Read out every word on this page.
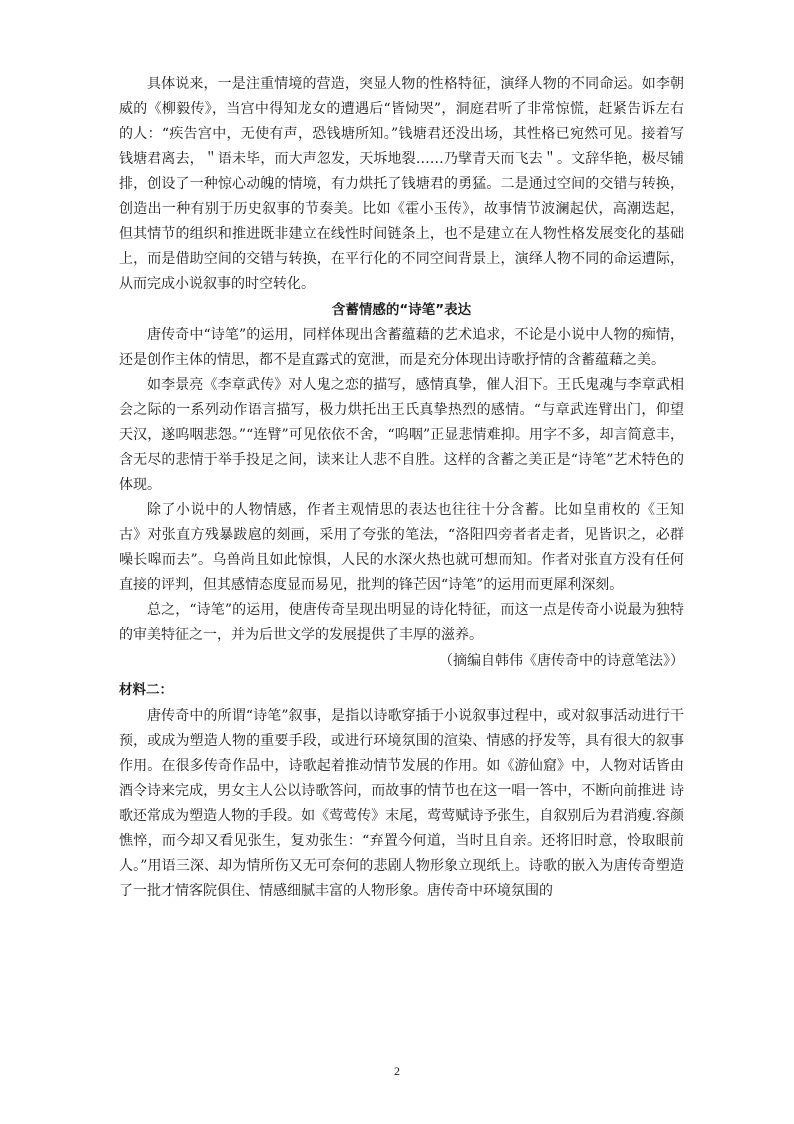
具体说来，一是注重情境的营造，突显人物的性格特征，演绎人物的不同命运。如李朝威的《柳毅传》，当宫中得知龙女的遭遇后“皆恸哭”，洞庭君听了非常惊慌，赶紧告诉左右的人：“疾告宫中，无使有声，恐钱塘所知。”钱塘君还没出场，其性格已宛然可见。接着写钱塘君离去，＂语未毕，而大声忽发，天坼地裂……乃擘青天而飞去＂。文辞华艳，极尽铺排，创设了一种惊心动魄的情境，有力烘托了钱塘君的勇猛。二是通过空间的交错与转换，创造出一种有别于历史叙事的节奏美。比如《霍小玉传》，故事情节波澜起伏，高潮迭起，但其情节的组织和推进既非建立在线性时间链条上，也不是建立在人物性格发展变化的基础上，而是借助空间的交错与转换，在平行化的不同空间背景上，演绎人物不同的命运遭际，从而完成小说叙事的时空转化。

含蓄情感的“诗笔”表达

唐传奇中“诗笔”的运用，同样体现出含蓄蕴藉的艺术追求，不论是小说中人物的痴情，还是创作主体的情思，都不是直露式的宽泄，而是充分体现出诗歌抒情的含蓄蕴藉之美。

如李景亮《李章武传》对人鬼之恋的描写，感情真挚，催人泪下。王氏鬼魂与李章武相会之际的一系列动作语言描写，极力烘托出王氏真挚热烈的感情。“与章武连臂出门，仰望天汉，遂呜咽悲怨。”“连臂”可见依依不舍，“呜咽”正显悲情难抑。用字不多，却言简意丰，含无尽的悲情于举手投足之间，读来让人悲不自胜。这样的含蓄之美正是“诗笔”艺术特色的体现。

除了小说中的人物情感，作者主观情思的表达也往往十分含蓄。比如皇甫枚的《王知古》对张直方残暴跋扈的刻画，采用了夸张的笔法，“洛阳四旁者者走者，见皆识之，必群噪长嗥而去”。乌兽尚且如此惊惧，人民的水深火热也就可想而知。作者对张直方没有任何直接的评判，但其感情态度显而易见，批判的锋芒因“诗笔”的运用而更犀利深刻。

总之，“诗笔”的运用，使唐传奇呈现出明显的诗化特征，而这一点是传奇小说最为独特的审美特征之一，并为后世文学的发展提供了丰厚的滋养。

（摘编自韩伟《唐传奇中的诗意笔法》）

材料二：

唐传奇中的所谓“诗笔”叙事，是指以诗歌穿插于小说叙事过程中，或对叙事活动进行干预，或成为塑造人物的重要手段，或进行环境氛围的渲染、情感的抒发等，具有很大的叙事作用。在很多传奇作品中，诗歌起着推动情节发展的作用。如《游仙窟》中，人物对话皆由酒令诗来完成，男女主人公以诗歌答问，而故事的情节也在这一唱一答中，不断向前推进 诗歌还常成为塑造人物的手段。如《莺莺传》末尾，莺莺赋诗予张生，自叙别后为君消瘦.容颜憔悴，而今却又看见张生，复劝张生：“弃置今何道，当时且自亲。还将旧时意，怜取眼前人。”用语三深、却为情所伤又无可奈何的悲剧人物形象立现纸上。诗歌的嵌入为唐传奇塑造了一批才情客院俱住、情感细腻丰富的人物形象。唐传奇中环境氛围的

2
